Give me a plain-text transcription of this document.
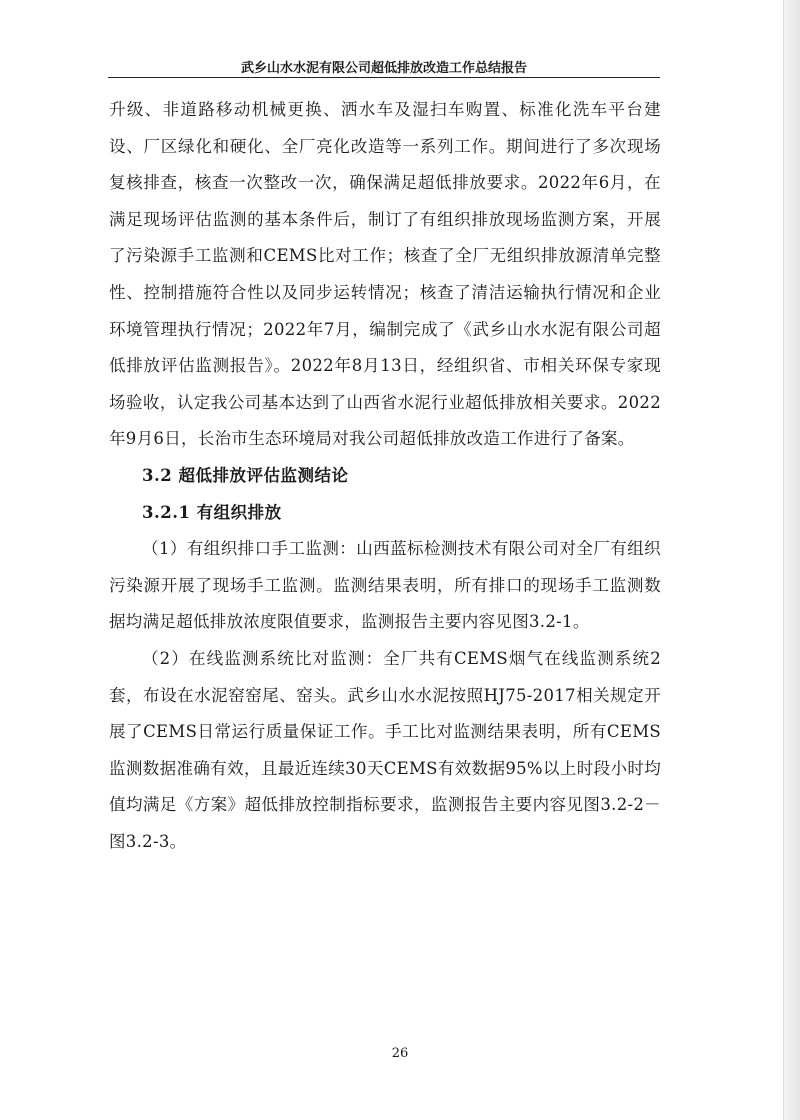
武乡山水水泥有限公司超低排放改造工作总结报告

升级、非道路移动机械更换、洒水车及湿扫车购置、标准化洗车平台建设、厂区绿化和硬化、全厂亮化改造等一系列工作。期间进行了多次现场复核排查，核查一次整改一次，确保满足超低排放要求。2022年6月，在满足现场评估监测的基本条件后，制订了有组织排放现场监测方案，开展了污染源手工监测和CEMS比对工作；核查了全厂无组织排放源清单完整性、控制措施符合性以及同步运转情况；核查了清洁运输执行情况和企业环境管理执行情况；2022年7月，编制完成了《武乡山水水泥有限公司超低排放评估监测报告》。2022年8月13日，经组织省、市相关环保专家现场验收，认定我公司基本达到了山西省水泥行业超低排放相关要求。2022年9月6日，长治市生态环境局对我公司超低排放改造工作进行了备案。

3.2 超低排放评估监测结论

3.2.1 有组织排放

（1）有组织排口手工监测：山西蓝标检测技术有限公司对全厂有组织污染源开展了现场手工监测。监测结果表明，所有排口的现场手工监测数据均满足超低排放浓度限值要求，监测报告主要内容见图3.2-1。

（2）在线监测系统比对监测：全厂共有CEMS烟气在线监测系统2套，布设在水泥窑窑尾、窑头。武乡山水水泥按照HJ75-2017相关规定开展了CEMS日常运行质量保证工作。手工比对监测结果表明，所有CEMS监测数据准确有效，且最近连续30天CEMS有效数据95%以上时段小时均值均满足《方案》超低排放控制指标要求，监测报告主要内容见图3.2-2－图3.2-3。

26
